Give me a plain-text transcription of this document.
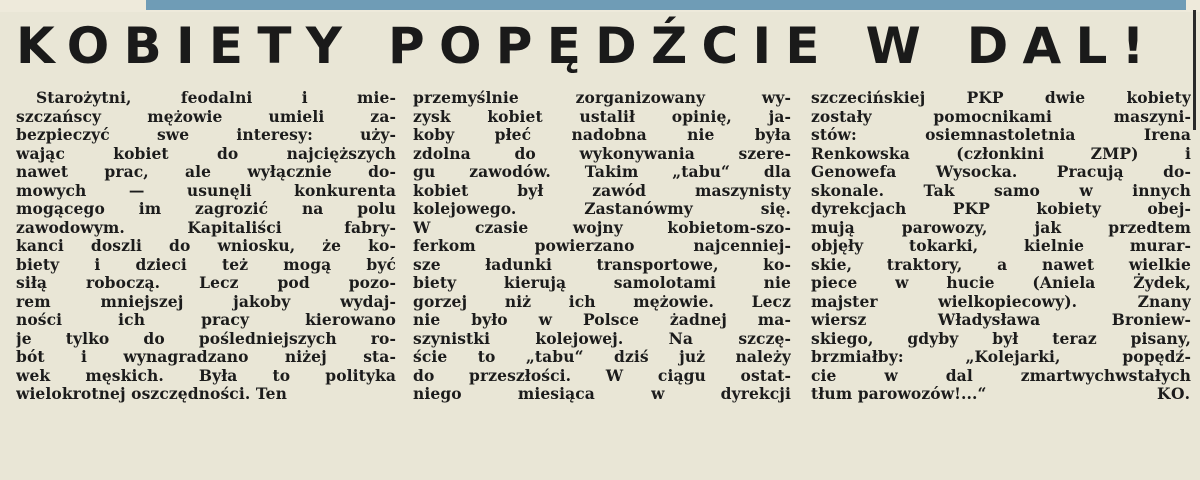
KOBIETY POPĘDŹCIE W DAL!
Starożytni, feodalni i mie-
szczańscy mężowie umieli za-
bezpieczyć swe interesy: uży-
wając kobiet do najcięższych
nawet prac, ale wyłącznie do-
mowych — usunęli konkurenta
mogącego im zagrozić na polu
zawodowym. Kapitaliści fabry-
kanci doszli do wniosku, że ko-
biety i dzieci też mogą być
siłą roboczą. Lecz pod pozo-
rem mniejszej jakoby wydaj-
ności ich pracy kierowano
je tylko do pośledniejszych ro-
bót i wynagradzano niżej sta-
wek męskich. Była to polityka
wielokrotnej oszczędności. Ten
przemyślnie zorganizowany wy-
zysk kobiet ustalił opinię, ja-
koby płeć nadobna nie była
zdolna do wykonywania szere-
gu zawodów. Takim „tabu“ dla
kobiet był zawód maszynisty
kolejowego. Zastanówmy się.
W czasie wojny kobietom-szo-
ferkom powierzano najcenniej-
sze ładunki transportowe, ko-
biety kierują samolotami nie
gorzej niż ich mężowie. Lecz
nie było w Polsce żadnej ma-
szynistki kolejowej. Na szczę-
ście to „tabu“ dziś już należy
do przeszłości. W ciągu ostat-
niego miesiąca w dyrekcji
szczecińskiej PKP dwie kobiety
zostały pomocnikami maszyni-
stów: osiemnastoletnia Irena
Renkowska (członkini ZMP) i
Genowefa Wysocka. Pracują do-
skonale. Tak samo w innych
dyrekcjach PKP kobiety obej-
mują parowozy, jak przedtem
objęły tokarki, kielnie murar-
skie, traktory, a nawet wielkie
piece w hucie (Aniela Żydek,
majster wielkopiecowy). Znany
wiersz Władysława Broniew-
skiego, gdyby był teraz pisany,
brzmiałby: „Kolejarki, popędź-
cie w dal zmartwychwstałych
tłum parowozów!...“	KO.
